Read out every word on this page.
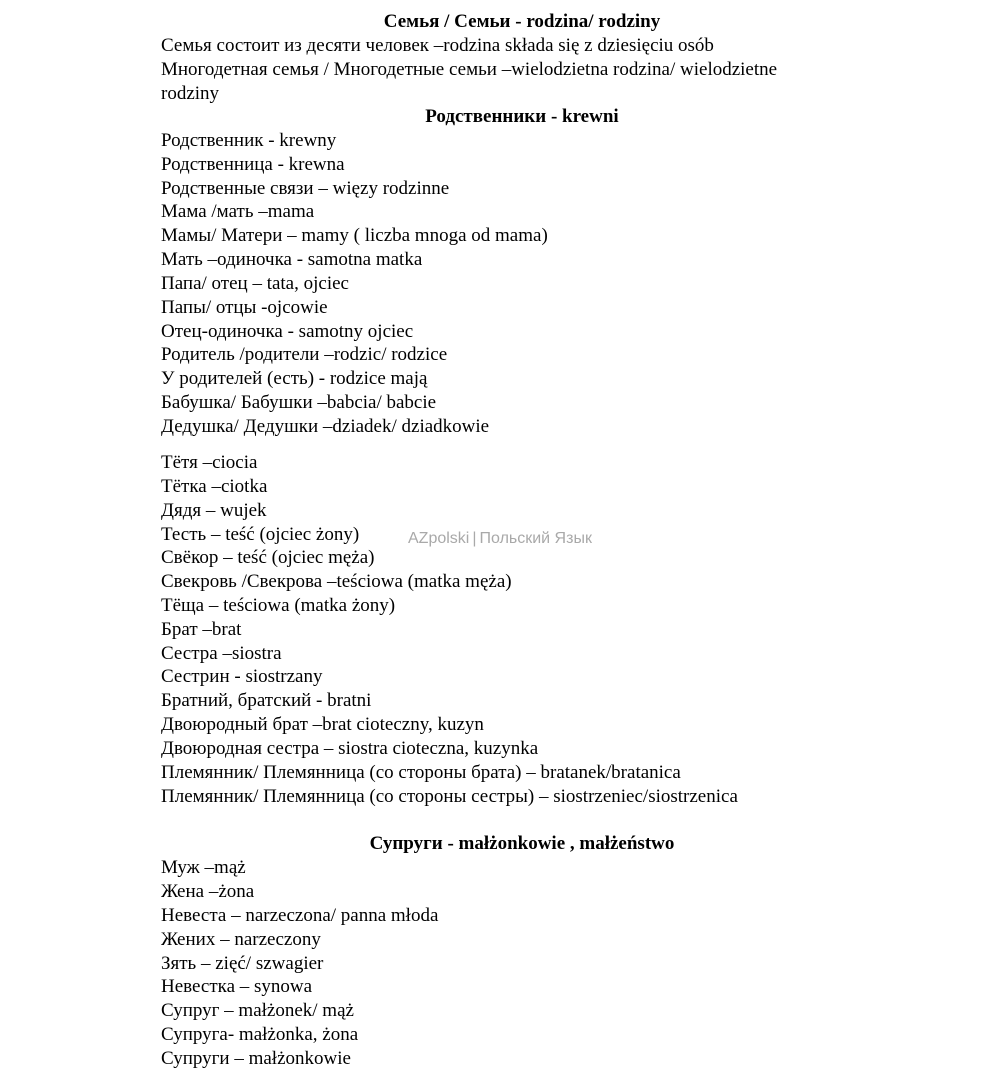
Семья / Семьи - rodzina/ rodziny
Семья состоит из десяти человек –rodzina składa się z dziesięciu osób
Многодетная семья / Многодетные семьи –wielodzietna rodzina/ wielodzietne
rodziny
Родственники - krewni
Родственник - krewny
Родственница - krewna
Родственные связи – więzy rodzinne
Мама /мать –mama
Мамы/ Матери – mamy ( liczba mnoga od mama)
Мать –одиночка - samotna matka
Папа/ отец – tata, ojciec
Папы/ отцы -ojcowie
Отец-одиночка - samotny ojciec
Родитель /родители –rodzic/ rodzice
У родителей (есть) - rodzice mają
Бабушка/ Бабушки –babcia/ babcie
Дедушка/ Дедушки –dziadek/ dziadkowie
Тётя –ciocia
Тётка –ciotka
Дядя – wujek
Тесть – teść (ojciec żony)
Свёкор – teść (ojciec męża)
Свекровь /Свекрова –teściowa (matka męża)
Тёща – teściowa (matka żony)
Брат –brat
Сестра –siostra
Сестрин - siostrzany
Братний, братский - bratni
Двоюродный брат –brat cioteczny, kuzyn
Двоюродная сестра – siostra cioteczna, kuzynka
Племянник/ Племянница (со стороны брата) – bratanek/bratanica
Племянник/ Племянница (со стороны сестры) – siostrzeniec/siostrzenica
Супруги - małżonkowie , małżeństwo
Муж –mąż
Жена –żona
Невеста – narzeczona/ panna młoda
Жених – narzeczony
Зять – zięć/ szwagier
Невестка – synowa
Супруг – małżonek/ mąż
Супруга- małżonka, żona
Супруги – małżonkowie
AZpolski | Польский Язык
